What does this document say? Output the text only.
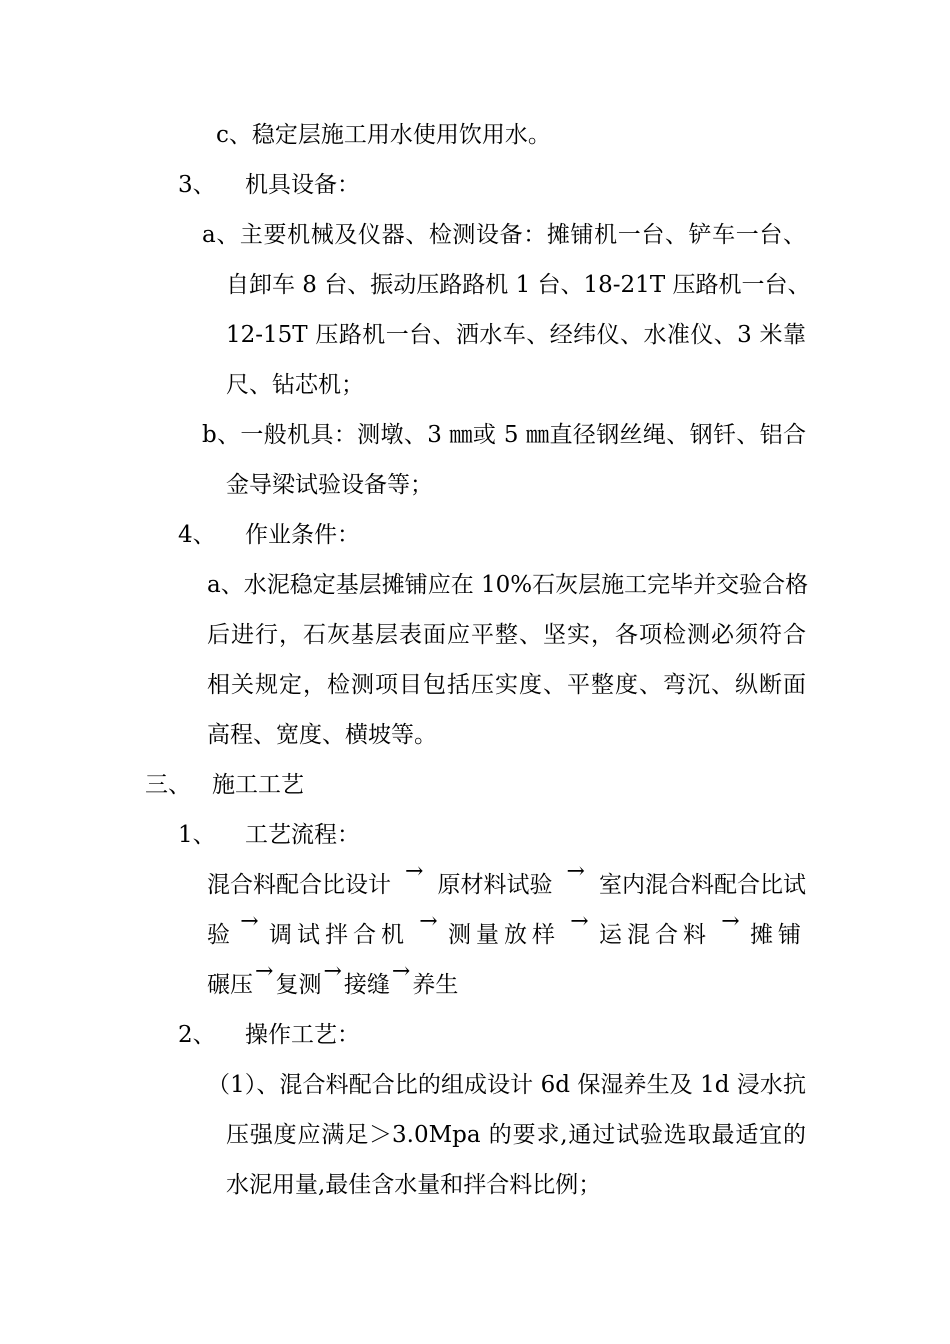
c、稳定层施工用水使用饮用水。
3、 机具设备：
a、主要机械及仪器、检测设备：摊铺机一台、铲车一台、
自卸车 8 台、振动压路路机 1 台、18-21T 压路机一台、
12-15T 压路机一台、洒水车、经纬仪、水准仪、3 米靠
尺、钻芯机；
b、一般机具：测墩、3 ㎜或 5 ㎜直径钢丝绳、钢钎、铝合
金导梁试验设备等；
4、 作业条件：
a、水泥稳定基层摊铺应在 10%石灰层施工完毕并交验合格
后进行，石灰基层表面应平整、坚实，各项检测必须符合
相关规定，检测项目包括压实度、平整度、弯沉、纵断面
高程、宽度、横坡等。
三、 施工工艺
1、 工艺流程：
混合料配合比设计
→
原材料试验
→
室内混合料配合比试
验
→
调试拌合机
→
测量放样
→
运混合料
→
摊铺
碾压→复测→接缝→养生
2、 操作工艺：
（1）、混合料配合比的组成设计 6d 保湿养生及 1d 浸水抗
压强度应满足＞3.0Mpa 的要求,通过试验选取最适宜的
水泥用量,最佳含水量和拌合料比例；
